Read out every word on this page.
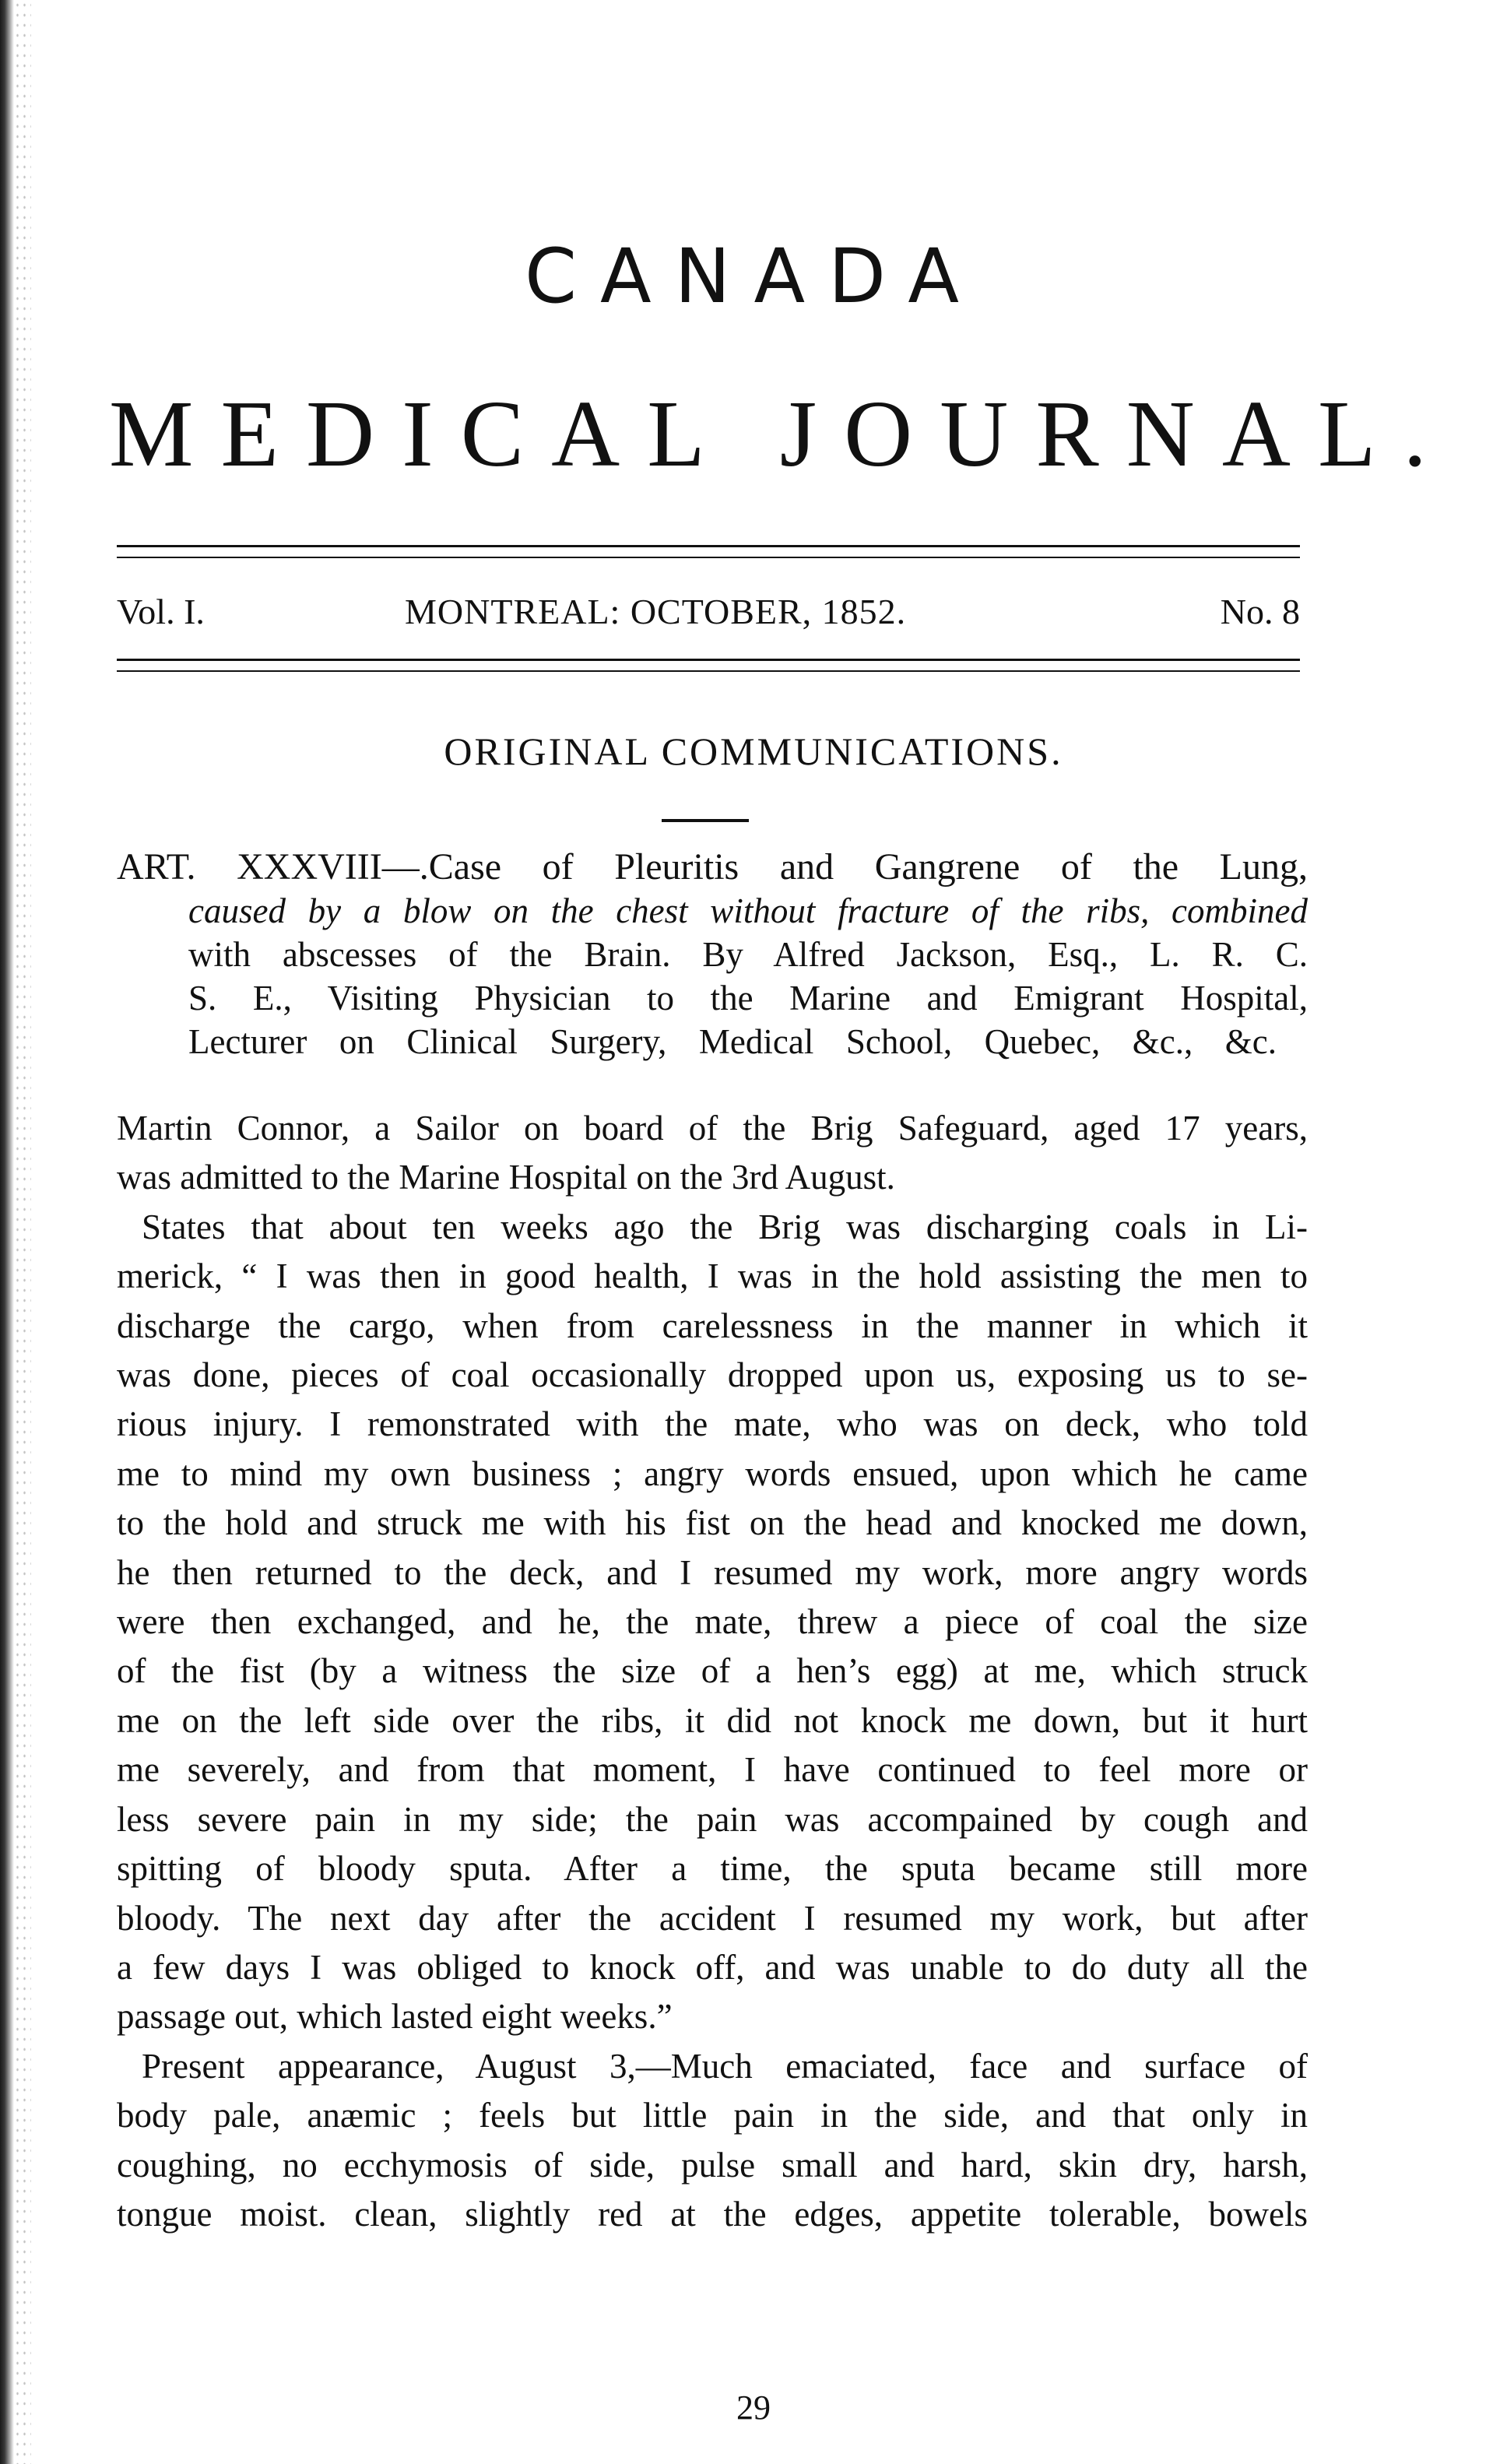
CANADA
MEDICAL JOURNAL.
Vol. I.	MONTREAL: OCTOBER, 1852.	No. 8
ORIGINAL COMMUNICATIONS.
ART. XXXVIII—.Case of Pleuritis and Gangrene of the Lung,
caused by a blow on the chest without fracture of the ribs, combined
with abscesses of the Brain. By Alfred Jackson, Esq., L. R. C.
S. E., Visiting Physician to the Marine and Emigrant Hospital,
Lecturer on Clinical Surgery, Medical School, Quebec, &c., &c.
Martin Connor, a Sailor on board of the Brig Safeguard, aged 17 years,
was admitted to the Marine Hospital on the 3rd August.
States that about ten weeks ago the Brig was discharging coals in Li-
merick, “ I was then in good health, I was in the hold assisting the men to
discharge the cargo, when from carelessness in the manner in which it
was done, pieces of coal occasionally dropped upon us, exposing us to se-
rious injury. I remonstrated with the mate, who was on deck, who told
me to mind my own business ; angry words ensued, upon which he came
to the hold and struck me with his fist on the head and knocked me down,
he then returned to the deck, and I resumed my work, more angry words
were then exchanged, and he, the mate, threw a piece of coal the size
of the fist (by a witness the size of a hen’s egg) at me, which struck
me on the left side over the ribs, it did not knock me down, but it hurt
me severely, and from that moment, I have continued to feel more or
less severe pain in my side; the pain was accompained by cough and
spitting of bloody sputa. After a time, the sputa became still more
bloody. The next day after the accident I resumed my work, but after
a few days I was obliged to knock off, and was unable to do duty all the
passage out, which lasted eight weeks.”
Present appearance, August 3,—Much emaciated, face and surface of
body pale, anæmic ; feels but little pain in the side, and that only in
coughing, no ecchymosis of side, pulse small and hard, skin dry, harsh,
tongue moist. clean, slightly red at the edges, appetite tolerable, bowels
29
